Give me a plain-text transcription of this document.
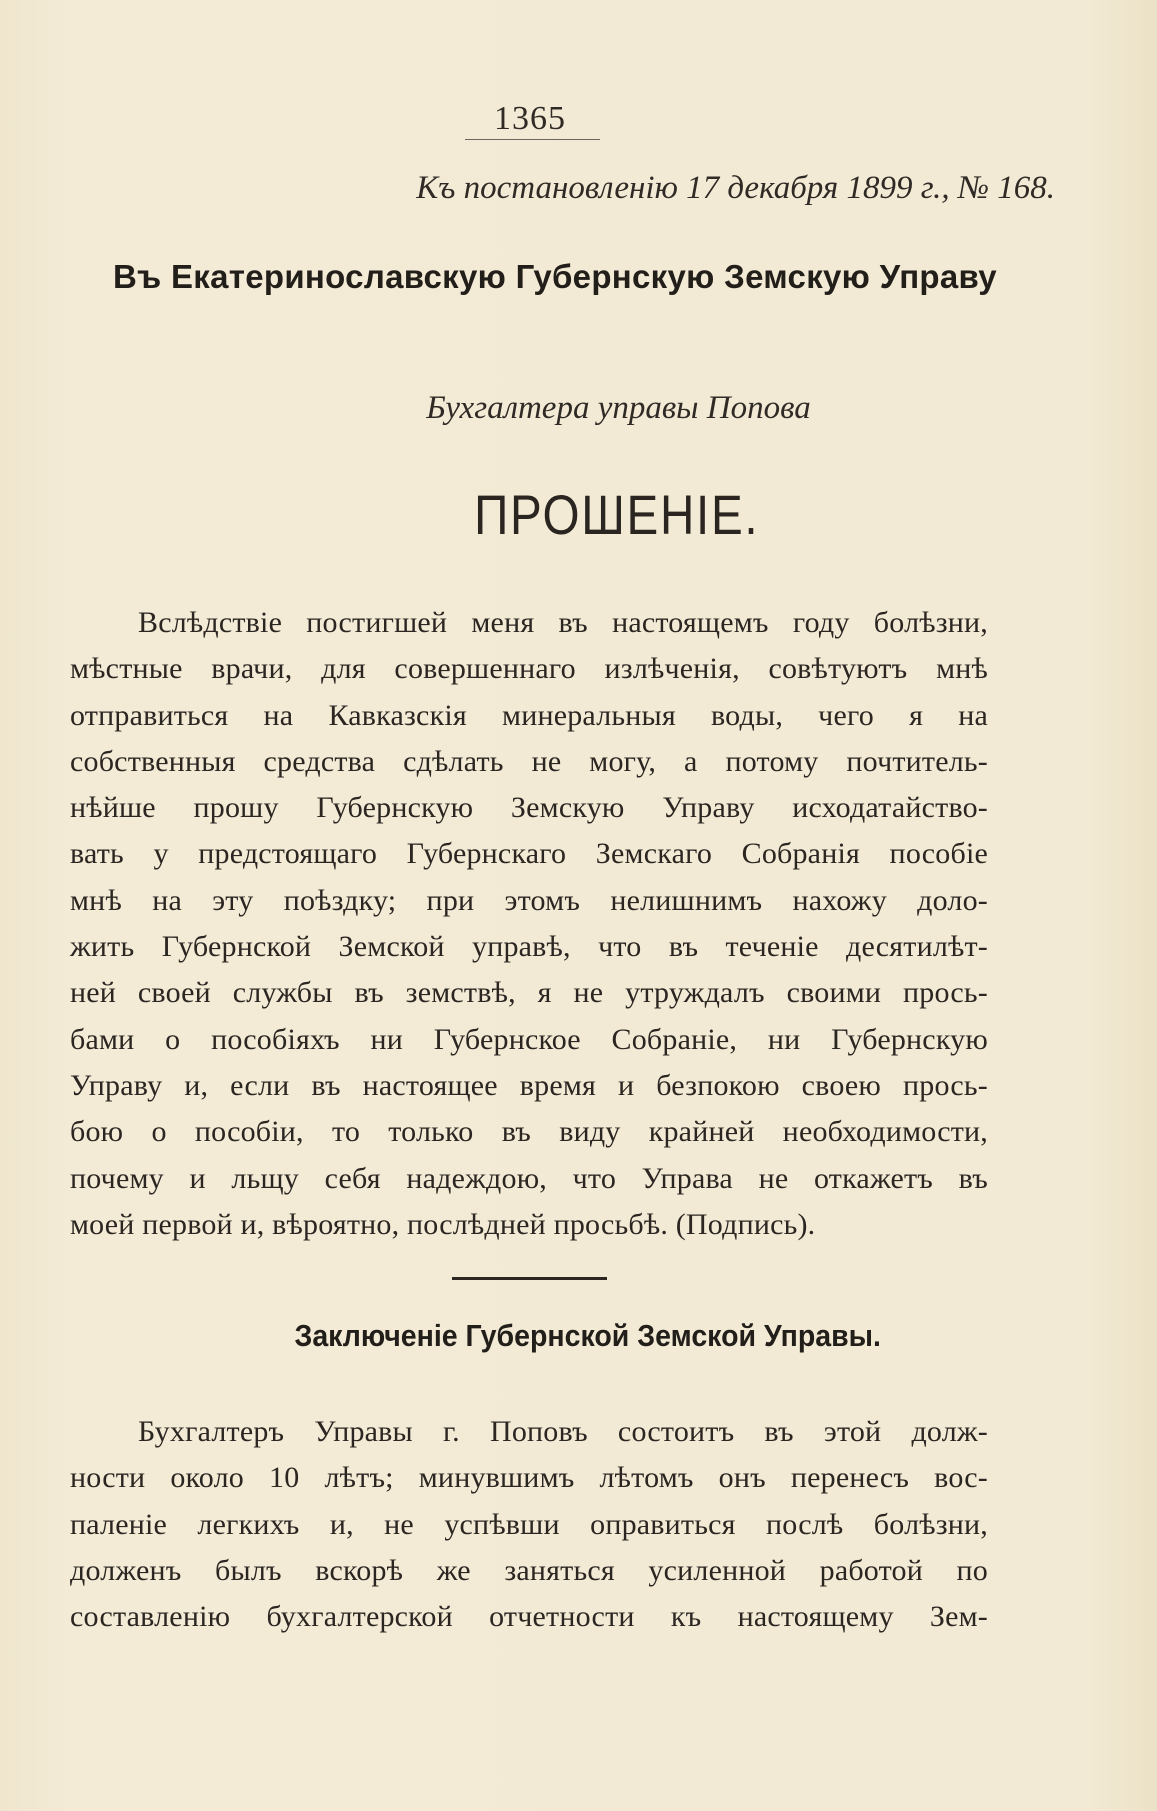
1365
Къ постановленію 17 декабря 1899 г., № 168.
Въ Екатеринославскую Губернскую Земскую Управу
Бухгалтера управы Попова
ПРОШЕНІЕ.
Вслѣдствіе постигшей меня въ настоящемъ году болѣзни,
мѣстные врачи, для совершеннаго излѣченія, совѣтуютъ мнѣ
отправиться на Кавказскія минеральныя воды, чего я на
собственныя средства сдѣлать не могу, а потому почтитель-
нѣйше прошу Губернскую Земскую Управу исходатайство-
вать у предстоящаго Губернскаго Земскаго Собранія пособіе
мнѣ на эту поѣздку; при этомъ нелишнимъ нахожу доло-
жить Губернской Земской управѣ, что въ теченіе десятилѣт-
ней своей службы въ земствѣ, я не утруждалъ своими прось-
бами о пособіяхъ ни Губернское Собраніе, ни Губернскую
Управу и, если въ настоящее время и безпокою своею прось-
бою о пособіи, то только въ виду крайней необходимости,
почему и льщу себя надеждою, что Управа не откажетъ въ
моей первой и, вѣроятно, послѣдней просьбѣ. (Подпись).
Заключеніе Губернской Земской Управы.
Бухгалтеръ Управы г. Поповъ состоитъ въ этой долж-
ности около 10 лѣтъ; минувшимъ лѣтомъ онъ перенесъ вос-
паленіе легкихъ и, не успѣвши оправиться послѣ болѣзни,
долженъ былъ вскорѣ же заняться усиленной работой по
составленію бухгалтерской отчетности къ настоящему Зем-
